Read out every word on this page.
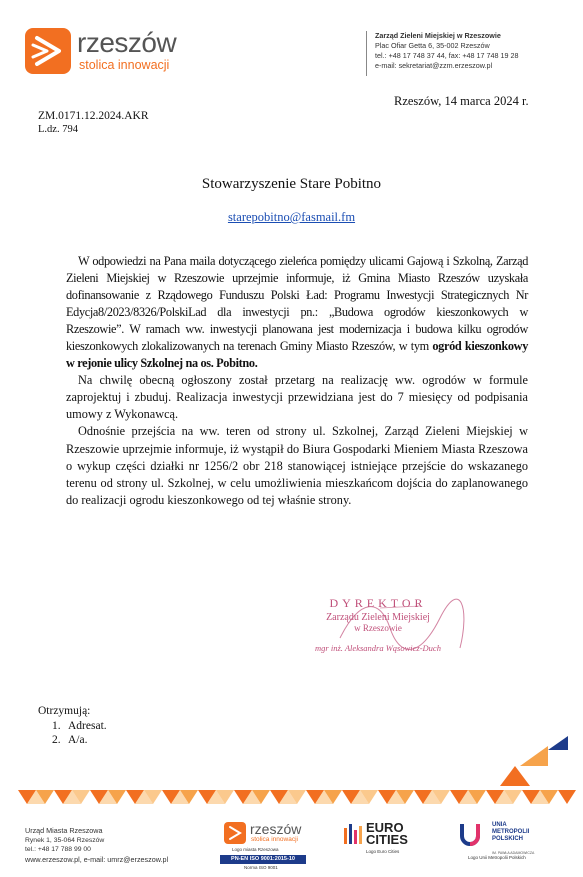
rzeszów
stolica innowacji
Zarząd Zieleni Miejskiej w Rzeszowie
Plac Ofiar Getta 6, 35-002 Rzeszów
tel.: +48 17 748 37 44, fax: +48 17 748 19 28
e-mail: sekretariat@zzm.erzeszow.pl
Rzeszów, 14 marca 2024 r.
ZM.0171.12.2024.AKR
L.dz. 794
Stowarzyszenie Stare Pobitno
starepobitno@fasmail.fm

W odpowiedzi na Pana maila dotyczącego zieleńca pomiędzy ulicami Gajową i Szkolną, Zarząd Zieleni Miejskiej w Rzeszowie uprzejmie informuje, iż Gmina Miasto Rzeszów uzyskała dofinansowanie z Rządowego Funduszu Polski Ład: Programu Inwestycji Strategicznych Nr Edycja8/2023/8326/PolskiLad dla inwestycji pn.: „Budowa ogrodów kieszonkowych w Rzeszowie”. W ramach ww. inwestycji planowana jest modernizacja i budowa kilku ogrodów kieszonkowych zlokalizowanych na terenach Gminy Miasto Rzeszów, w tym ogród kieszonkowy w rejonie ulicy Szkolnej na os. Pobitno.

Na chwilę obecną ogłoszony został przetarg na realizację ww. ogrodów w formule zaprojektuj i zbuduj. Realizacja inwestycji przewidziana jest do 7 miesięcy od podpisania umowy z Wykonawcą.

Odnośnie przejścia na ww. teren od strony ul. Szkolnej, Zarząd Zieleni Miejskiej w Rzeszowie uprzejmie informuje, iż wystąpił do Biura Gospodarki Mieniem Miasta Rzeszowa o wykup części działki nr 1256/2 obr 218 stanowiącej istniejące przejście do wskazanego terenu od strony ul. Szkolnej, w celu umożliwienia mieszkańcom dojścia do zaplanowanego do realizacji ogrodu kieszonkowego od tej właśnie strony.

DYREKTOR
Zarządu Zieleni Miejskiej
w Rzeszowie
mgr inż. Aleksandra Wąsowicz-Duch
Otrzymują:
1. Adresat.
2. A/a.
Urząd Miasta Rzeszowa
Rynek 1, 35-064 Rzeszów
tel.: +48 17 788 99 00
www.erzeszow.pl, e-mail: umrz@erzeszow.pl
rzeszów
stolica innowacji
Logo miasta Rzeszowa
PN-EN ISO 9001:2015-10
Norma ISO 9001
EURO
CITIES
Logo Euro Cities
UNIA
METROPOLII
POLSKICH
IM. PAWŁA ADAMOWICZA
Logo Unii Metropolii Polskich
